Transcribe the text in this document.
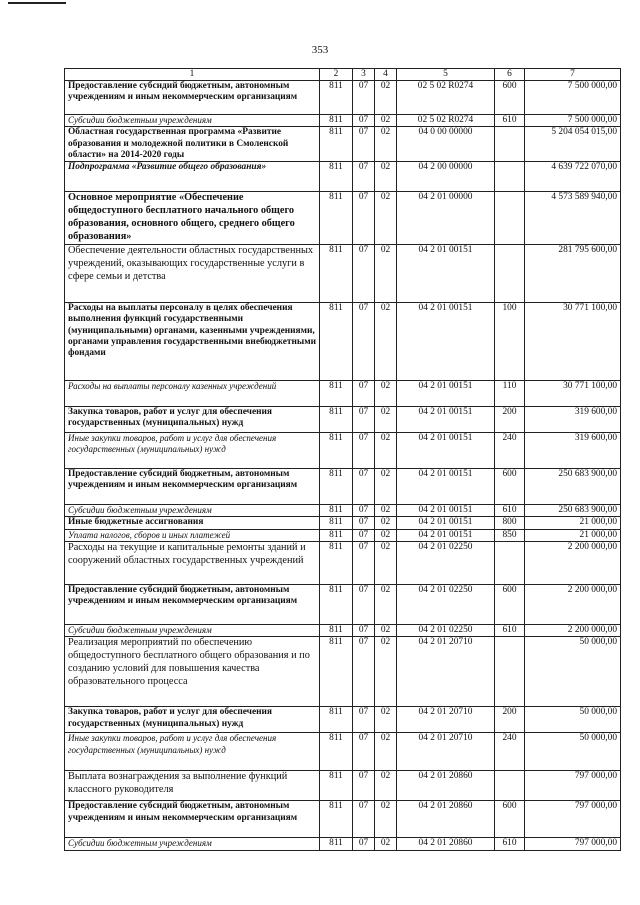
353
1	2	3	4	5	6	7
Предоставление субсидий бюджетным, автономным учреждениям и иным некоммерческим организациям	811	07	02	02 5 02 R0274	600	7 500 000,00
Субсидии бюджетным учреждениям	811	07	02	02 5 02 R0274	610	7 500 000,00
Областная государственная программа «Развитие образования и молодежной политики в Смоленской области» на 2014-2020 годы	811	07	02	04 0 00 00000		5 204 054 015,00
Подпрограмма «Развитие общего образования»	811	07	02	04 2 00 00000		4 639 722 070,00
Основное мероприятие «Обеспечение общедоступного бесплатного начального общего образования, основного общего, среднего общего образования»	811	07	02	04 2 01 00000		4 573 589 940,00
Обеспечение деятельности областных государственных учреждений, оказывающих государственные услуги в сфере семьи и детства	811	07	02	04 2 01 00151		281 795 600,00
Расходы на выплаты персоналу в целях обеспечения выполнения функций государственными (муниципальными) органами, казенными учреждениями, органами управления государственными внебюджетными фондами	811	07	02	04 2 01 00151	100	30 771 100,00
Расходы на выплаты персоналу казенных учреждений	811	07	02	04 2 01 00151	110	30 771 100,00
Закупка товаров, работ и услуг для обеспечения государственных (муниципальных) нужд	811	07	02	04 2 01 00151	200	319 600,00
Иные закупки товаров, работ и услуг для обеспечения государственных (муниципальных) нужд	811	07	02	04 2 01 00151	240	319 600,00
Предоставление субсидий бюджетным, автономным учреждениям и иным некоммерческим организациям	811	07	02	04 2 01 00151	600	250 683 900,00
Субсидии бюджетным учреждениям	811	07	02	04 2 01 00151	610	250 683 900,00
Иные бюджетные ассигнования	811	07	02	04 2 01 00151	800	21 000,00
Уплата налогов, сборов и иных платежей	811	07	02	04 2 01 00151	850	21 000,00
Расходы на текущие и капитальные ремонты зданий и сооружений областных государственных учреждений	811	07	02	04 2 01 02250		2 200 000,00
Предоставление субсидий бюджетным, автономным учреждениям и иным некоммерческим организациям	811	07	02	04 2 01 02250	600	2 200 000,00
Субсидии бюджетным учреждениям	811	07	02	04 2 01 02250	610	2 200 000,00
Реализация мероприятий по обеспечению общедоступного бесплатного общего образования и по созданию условий для повышения качества образовательного процесса	811	07	02	04 2 01 20710		50 000,00
Закупка товаров, работ и услуг для обеспечения государственных (муниципальных) нужд	811	07	02	04 2 01 20710	200	50 000,00
Иные закупки товаров, работ и услуг для обеспечения государственных (муниципальных) нужд	811	07	02	04 2 01 20710	240	50 000,00
Выплата вознаграждения за выполнение функций классного руководителя	811	07	02	04 2 01 20860		797 000,00
Предоставление субсидий бюджетным, автономным учреждениям и иным некоммерческим организациям	811	07	02	04 2 01 20860	600	797 000,00
Субсидии бюджетным учреждениям	811	07	02	04 2 01 20860	610	797 000,00
